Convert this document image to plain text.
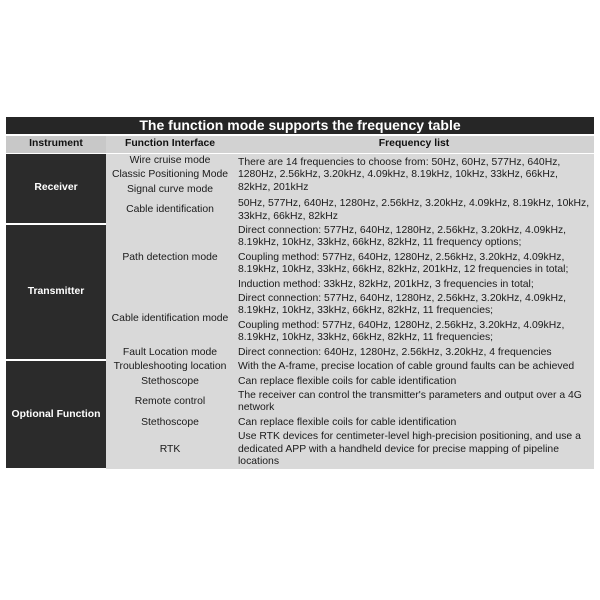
The function mode supports the frequency table		
Instrument	Function Interface	Frequency list
Receiver	Wire cruise mode	There are 14 frequencies to choose from: 50Hz, 60Hz, 577Hz, 640Hz,
1280Hz, 2.56kHz, 3.20kHz, 4.09kHz, 8.19kHz, 10kHz, 33kHz, 66kHz,
82kHz, 201kHz

	Classic Positioning Mode	
	Signal curve mode	
	Cable identification	50Hz, 577Hz, 640Hz, 1280Hz, 2.56kHz, 3.20kHz, 4.09kHz, 8.19kHz, 10kHz,
33kHz, 66kHz, 82kHz

Transmitter	Path detection mode	Direct connection: 577Hz, 640Hz, 1280Hz, 2.56kHz, 3.20kHz, 4.09kHz,
8.19kHz, 10kHz, 33kHz, 66kHz, 82kHz, 11 frequency options;

		Coupling method: 577Hz, 640Hz, 1280Hz, 2.56kHz, 3.20kHz, 4.09kHz,
8.19kHz, 10kHz, 33kHz, 66kHz, 82kHz, 201kHz, 12 frequencies in total;

		Induction method: 33kHz, 82kHz, 201kHz, 3 frequencies in total;

	Cable identification mode	Direct connection: 577Hz, 640Hz, 1280Hz, 2.56kHz, 3.20kHz, 4.09kHz,
8.19kHz, 10kHz, 33kHz, 66kHz, 82kHz, 11 frequencies;

		Coupling method: 577Hz, 640Hz, 1280Hz, 2.56kHz, 3.20kHz, 4.09kHz,
8.19kHz, 10kHz, 33kHz, 66kHz, 82kHz, 11 frequencies;

	Fault Location mode	Direct connection: 640Hz, 1280Hz, 2.56kHz, 3.20kHz, 4 frequencies
Optional Function	Troubleshooting location	With the A-frame, precise location of cable ground faults can be achieved

	Stethoscope	Can replace flexible coils for cable identification

	Remote control	The receiver can control the transmitter's parameters and output over a 4G
network

	Stethoscope	Can replace flexible coils for cable identification

	RTK	Use RTK devices for centimeter-level high-precision positioning, and use a
dedicated APP with a handheld device for precise mapping of pipeline
locations
